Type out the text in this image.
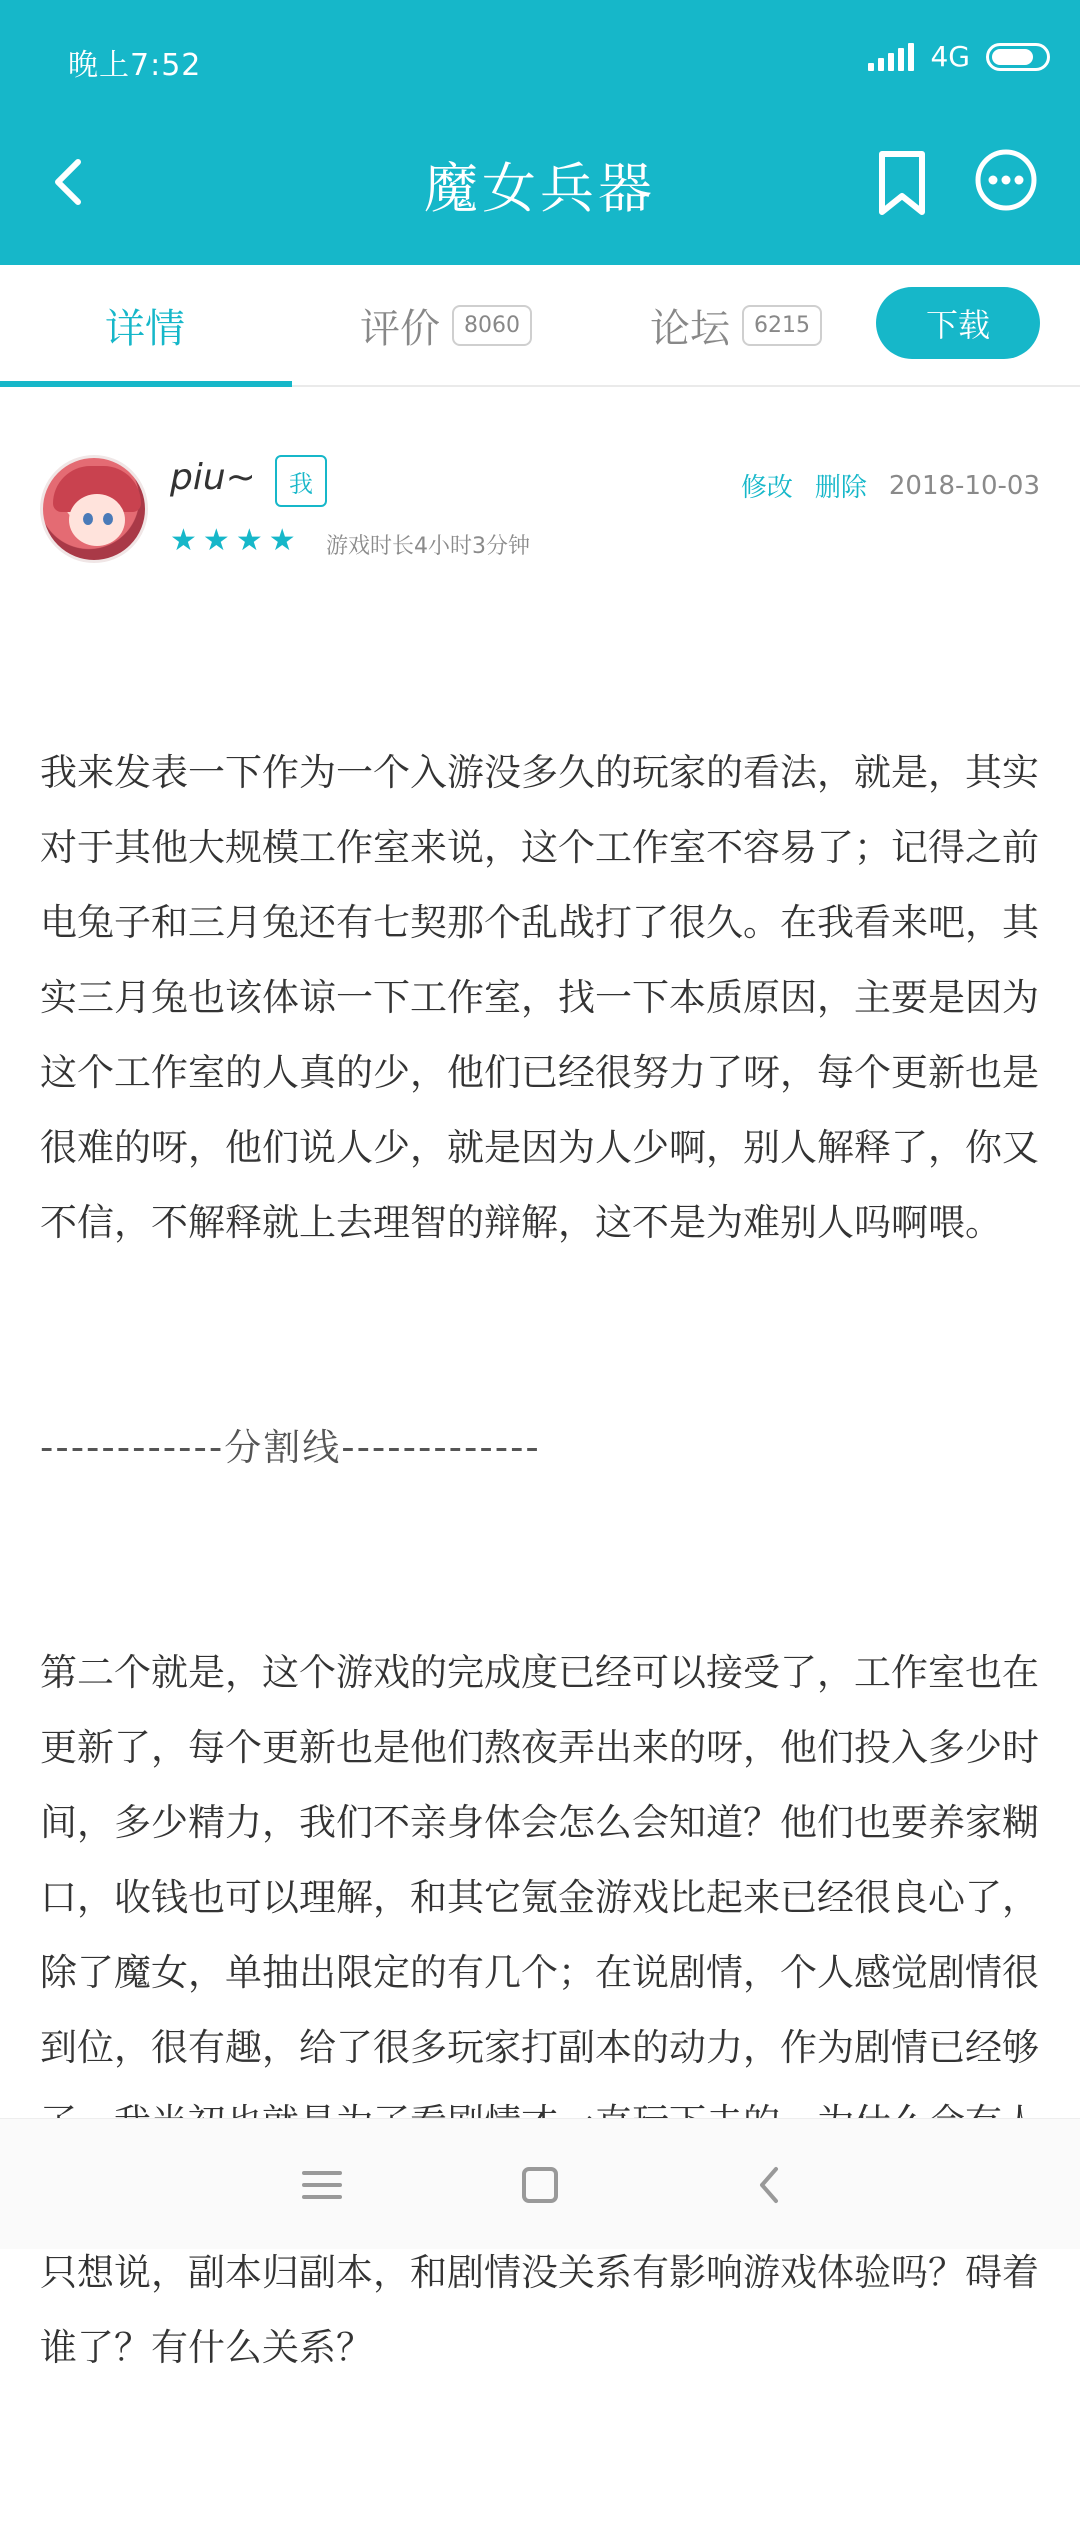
晚上7:52	4G
魔女兵器
详情	评价	8060	论坛	6215	下载
piu~	我
★ ★ ★ ★ 游戏时长4小时3分钟
修改 删除 2018-10-03

我来发表一下作为一个入游没多久的玩家的看法，就是，其实对于其他大规模工作室来说，这个工作室不容易了；记得之前电兔子和三月兔还有七契那个乱战打了很久。在我看来吧，其实三月兔也该体谅一下工作室，找一下本质原因，主要是因为这个工作室的人真的少，他们已经很努力了呀，每个更新也是很难的呀，他们说人少，就是因为人少啊，别人解释了，你又不信，不解释就上去理智的辩解，这不是为难别人吗啊喂。

------------分割线-------------

第二个就是，这个游戏的完成度已经可以接受了，工作室也在更新了，每个更新也是他们熬夜弄出来的呀，他们投入多少时间，多少精力，我们不亲身体会怎么会知道？他们也要养家糊口，收钱也可以理解，和其它氪金游戏比起来已经很良心了，除了魔女，单抽出限定的有几个；在说剧情，个人感觉剧情很到位，很有趣，给了很多玩家打副本的动力，作为剧情已经够 只想说，副本归副本，和剧情没关系有影响游戏体验吗？碍着谁了？有什么关系？
